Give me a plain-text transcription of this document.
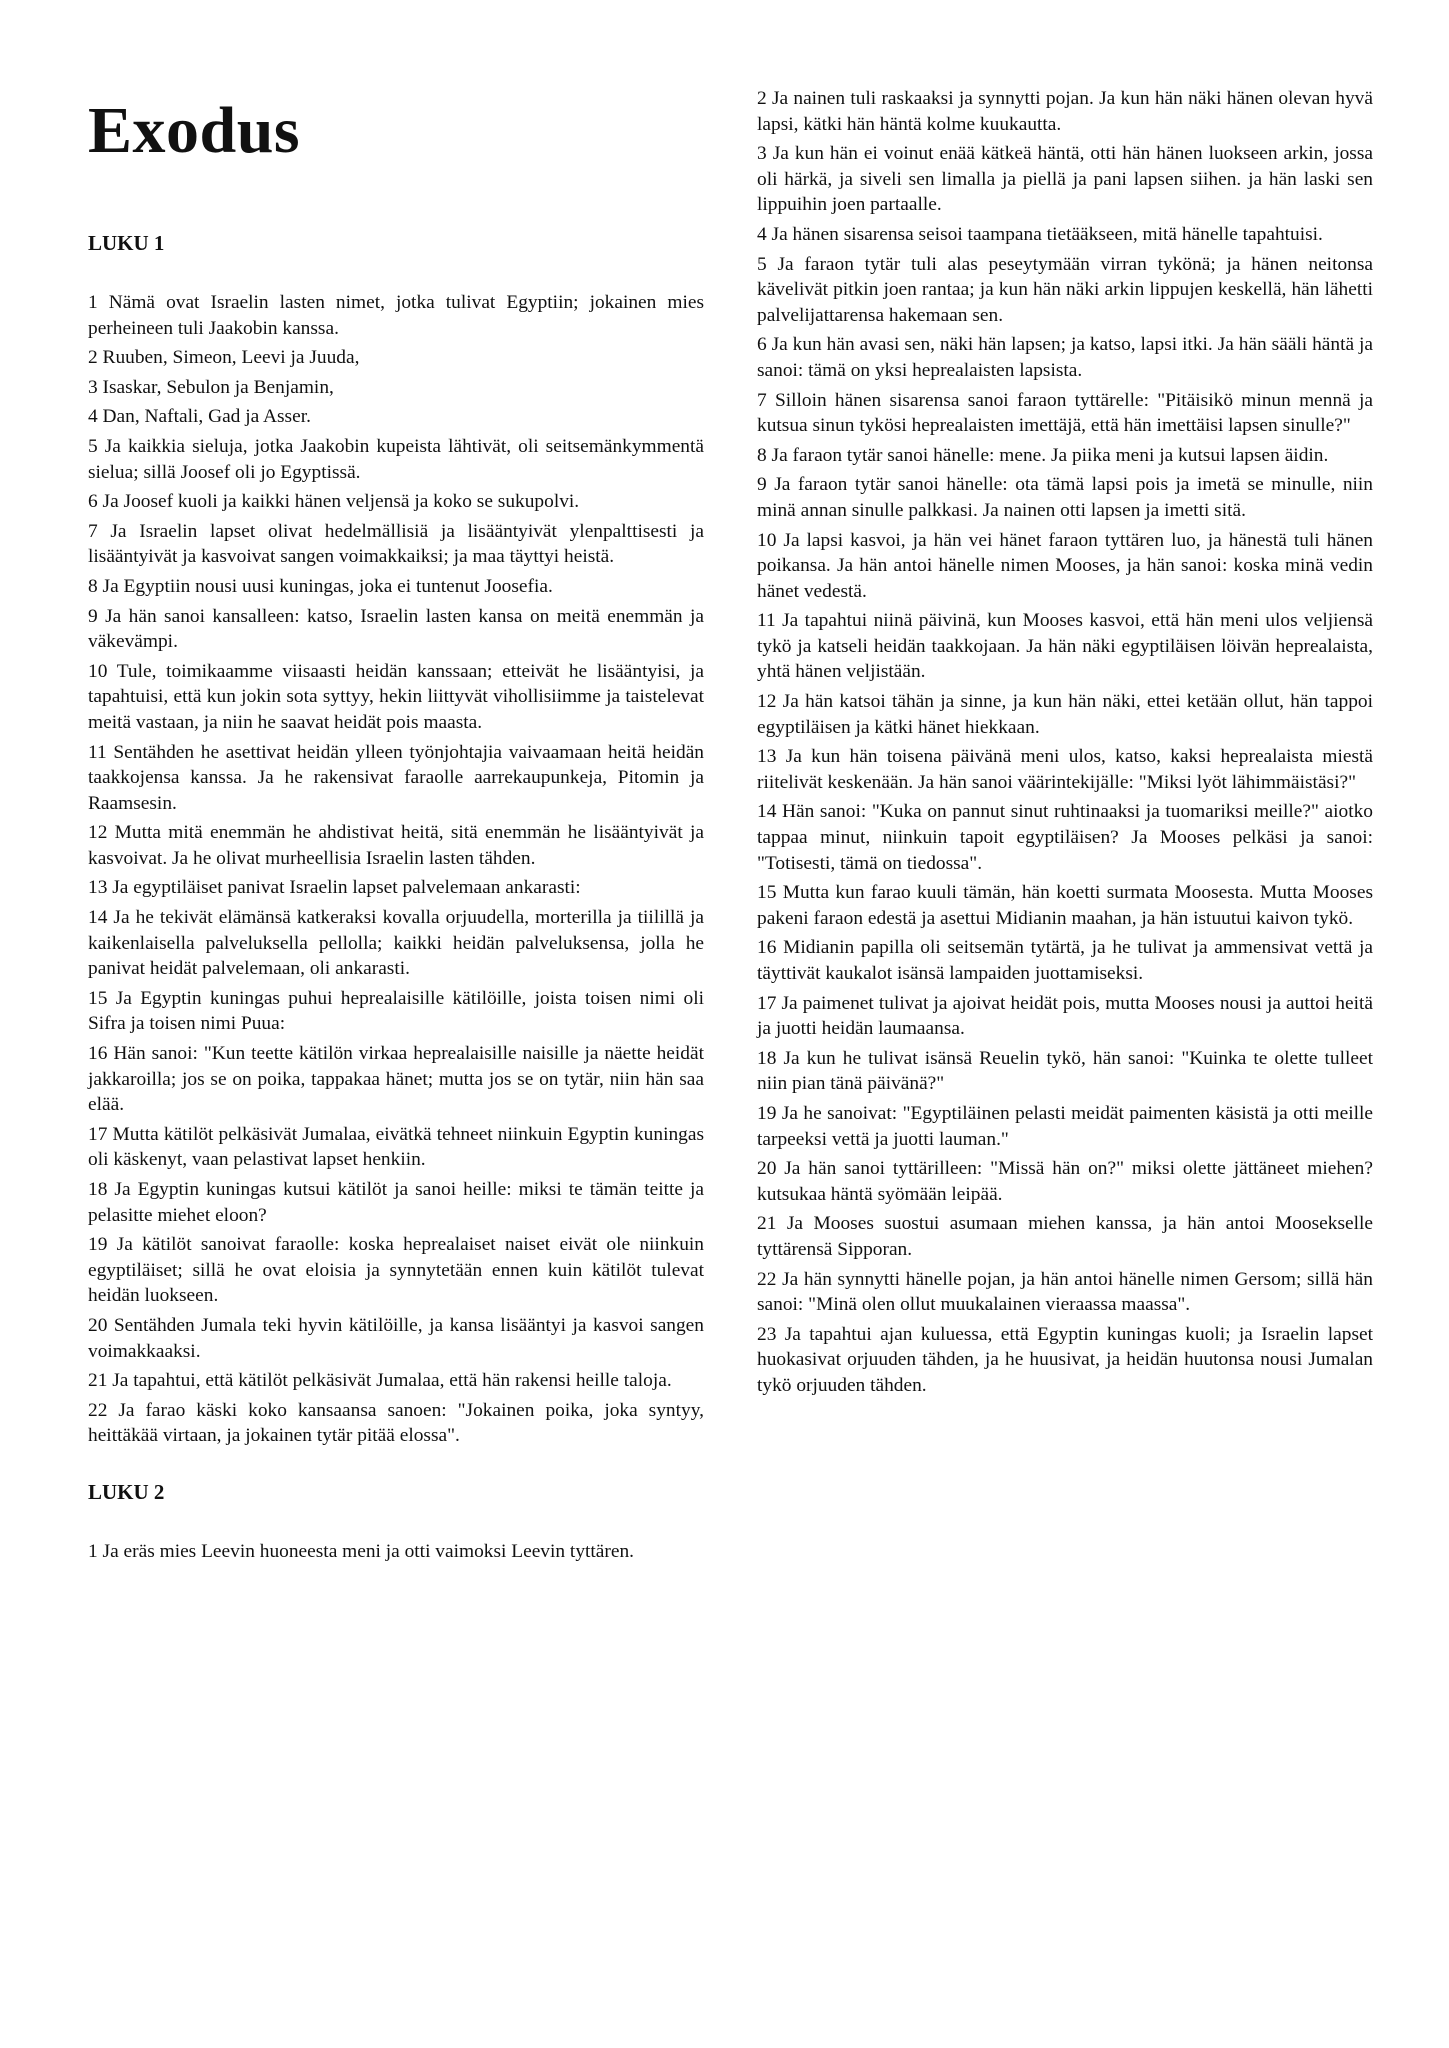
Exodus
LUKU 1

1 Nämä ovat Israelin lasten nimet, jotka tulivat Egyptiin; jokainen mies perheineen tuli Jaakobin kanssa.

2 Ruuben, Simeon, Leevi ja Juuda,

3 Isaskar, Sebulon ja Benjamin,

4 Dan, Naftali, Gad ja Asser.

5 Ja kaikkia sieluja, jotka Jaakobin kupeista lähtivät, oli seitsemänkymmentä sielua; sillä Joosef oli jo Egyptissä.

6 Ja Joosef kuoli ja kaikki hänen veljensä ja koko se sukupolvi.

7 Ja Israelin lapset olivat hedelmällisiä ja lisääntyivät ylenpalttisesti ja lisääntyivät ja kasvoivat sangen voimakkaiksi; ja maa täyttyi heistä.

8 Ja Egyptiin nousi uusi kuningas, joka ei tuntenut Joosefia.

9 Ja hän sanoi kansalleen: katso, Israelin lasten kansa on meitä enemmän ja väkevämpi.

10 Tule, toimikaamme viisaasti heidän kanssaan; etteivät he lisääntyisi, ja tapahtuisi, että kun jokin sota syttyy, hekin liittyvät vihollisiimme ja taistelevat meitä vastaan, ja niin he saavat heidät pois maasta.

11 Sentähden he asettivat heidän ylleen työnjohtajia vaivaamaan heitä heidän taakkojensa kanssa. Ja he rakensivat faraolle aarrekaupunkeja, Pitomin ja Raamsesin.

12 Mutta mitä enemmän he ahdistivat heitä, sitä enemmän he lisääntyivät ja kasvoivat. Ja he olivat murheellisia Israelin lasten tähden.

13 Ja egyptiläiset panivat Israelin lapset palvelemaan ankarasti:

14 Ja he tekivät elämänsä katkeraksi kovalla orjuudella, morterilla ja tiilillä ja kaikenlaisella palveluksella pellolla; kaikki heidän palveluksensa, jolla he panivat heidät palvelemaan, oli ankarasti.

15 Ja Egyptin kuningas puhui heprealaisille kätilöille, joista toisen nimi oli Sifra ja toisen nimi Puua:

16 Hän sanoi: "Kun teette kätilön virkaa heprealaisille naisille ja näette heidät jakkaroilla; jos se on poika, tappakaa hänet; mutta jos se on tytär, niin hän saa elää.

17 Mutta kätilöt pelkäsivät Jumalaa, eivätkä tehneet niinkuin Egyptin kuningas oli käskenyt, vaan pelastivat lapset henkiin.

18 Ja Egyptin kuningas kutsui kätilöt ja sanoi heille: miksi te tämän teitte ja pelasitte miehet eloon?

19 Ja kätilöt sanoivat faraolle: koska heprealaiset naiset eivät ole niinkuin egyptiläiset; sillä he ovat eloisia ja synnytetään ennen kuin kätilöt tulevat heidän luokseen.

20 Sentähden Jumala teki hyvin kätilöille, ja kansa lisääntyi ja kasvoi sangen voimakkaaksi.

21 Ja tapahtui, että kätilöt pelkäsivät Jumalaa, että hän rakensi heille taloja.

22 Ja farao käski koko kansaansa sanoen: "Jokainen poika, joka syntyy, heittäkää virtaan, ja jokainen tytär pitää elossa".

LUKU 2

1 Ja eräs mies Leevin huoneesta meni ja otti vaimoksi Leevin tyttären.

2 Ja nainen tuli raskaaksi ja synnytti pojan. Ja kun hän näki hänen olevan hyvä lapsi, kätki hän häntä kolme kuukautta.

3 Ja kun hän ei voinut enää kätkeä häntä, otti hän hänen luokseen arkin, jossa oli härkä, ja siveli sen limalla ja piellä ja pani lapsen siihen. ja hän laski sen lippuihin joen partaalle.

4 Ja hänen sisarensa seisoi taampana tietääkseen, mitä hänelle tapahtuisi.

5 Ja faraon tytär tuli alas peseytymään virran tykönä; ja hänen neitonsa kävelivät pitkin joen rantaa; ja kun hän näki arkin lippujen keskellä, hän lähetti palvelijattarensa hakemaan sen.

6 Ja kun hän avasi sen, näki hän lapsen; ja katso, lapsi itki. Ja hän sääli häntä ja sanoi: tämä on yksi heprealaisten lapsista.

7 Silloin hänen sisarensa sanoi faraon tyttärelle: "Pitäisikö minun mennä ja kutsua sinun tykösi heprealaisten imettäjä, että hän imettäisi lapsen sinulle?"

8 Ja faraon tytär sanoi hänelle: mene. Ja piika meni ja kutsui lapsen äidin.

9 Ja faraon tytär sanoi hänelle: ota tämä lapsi pois ja imetä se minulle, niin minä annan sinulle palkkasi. Ja nainen otti lapsen ja imetti sitä.

10 Ja lapsi kasvoi, ja hän vei hänet faraon tyttären luo, ja hänestä tuli hänen poikansa. Ja hän antoi hänelle nimen Mooses, ja hän sanoi: koska minä vedin hänet vedestä.

11 Ja tapahtui niinä päivinä, kun Mooses kasvoi, että hän meni ulos veljiensä tykö ja katseli heidän taakkojaan. Ja hän näki egyptiläisen löivän heprealaista, yhtä hänen veljistään.

12 Ja hän katsoi tähän ja sinne, ja kun hän näki, ettei ketään ollut, hän tappoi egyptiläisen ja kätki hänet hiekkaan.

13 Ja kun hän toisena päivänä meni ulos, katso, kaksi heprealaista miestä riitelivät keskenään. Ja hän sanoi väärintekijälle: "Miksi lyöt lähimmäistäsi?"

14 Hän sanoi: "Kuka on pannut sinut ruhtinaaksi ja tuomariksi meille?" aiotko tappaa minut, niinkuin tapoit egyptiläisen? Ja Mooses pelkäsi ja sanoi: "Totisesti, tämä on tiedossa".

15 Mutta kun farao kuuli tämän, hän koetti surmata Moosesta. Mutta Mooses pakeni faraon edestä ja asettui Midianin maahan, ja hän istuutui kaivon tykö.

16 Midianin papilla oli seitsemän tytärtä, ja he tulivat ja ammensivat vettä ja täyttivät kaukalot isänsä lampaiden juottamiseksi.

17 Ja paimenet tulivat ja ajoivat heidät pois, mutta Mooses nousi ja auttoi heitä ja juotti heidän laumaansa.

18 Ja kun he tulivat isänsä Reuelin tykö, hän sanoi: "Kuinka te olette tulleet niin pian tänä päivänä?"

19 Ja he sanoivat: "Egyptiläinen pelasti meidät paimenten käsistä ja otti meille tarpeeksi vettä ja juotti lauman."

20 Ja hän sanoi tyttärilleen: "Missä hän on?" miksi olette jättäneet miehen? kutsukaa häntä syömään leipää.

21 Ja Mooses suostui asumaan miehen kanssa, ja hän antoi Moosekselle tyttärensä Sipporan.

22 Ja hän synnytti hänelle pojan, ja hän antoi hänelle nimen Gersom; sillä hän sanoi: "Minä olen ollut muukalainen vieraassa maassa".

23 Ja tapahtui ajan kuluessa, että Egyptin kuningas kuoli; ja Israelin lapset huokasivat orjuuden tähden, ja he huusivat, ja heidän huutonsa nousi Jumalan tykö orjuuden tähden.
